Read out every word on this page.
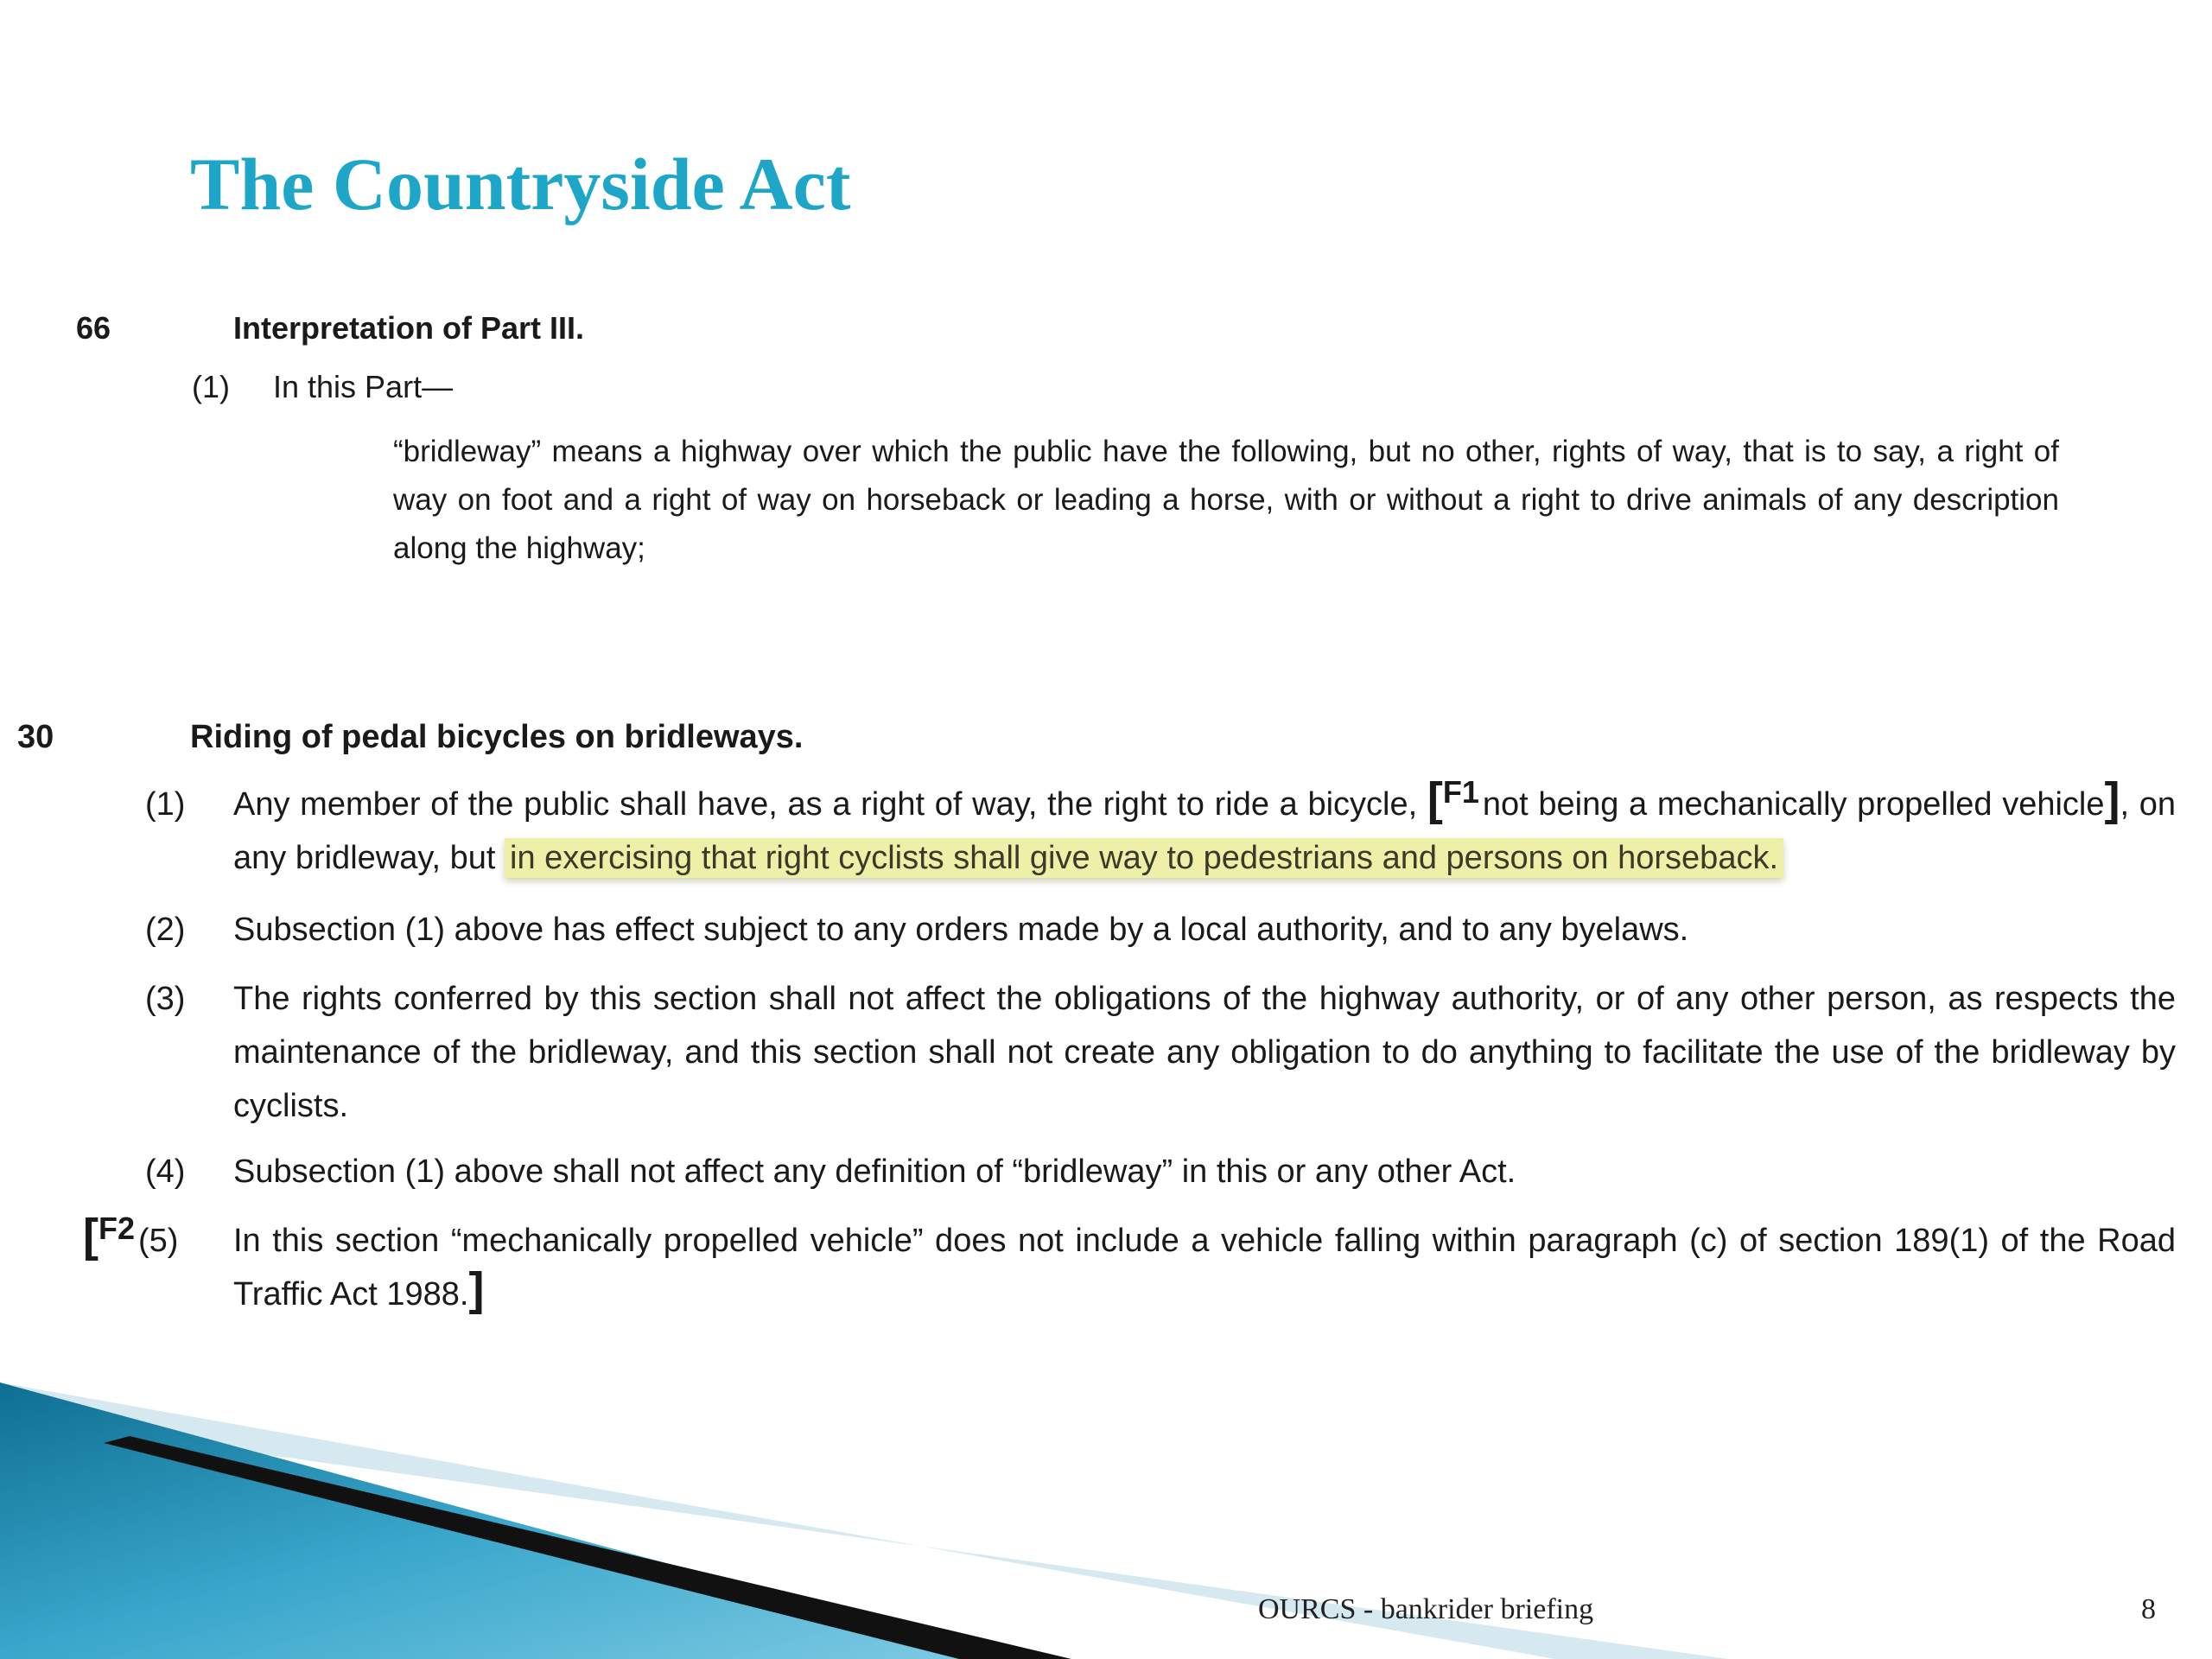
The Countryside Act
66	Interpretation of Part III.
(1) In this Part—

“bridleway” means a highway over which the public have the following, but no other, rights of way, that is to say, a right of way on foot and a right of way on horseback or leading a horse, with or without a right to drive animals of any description along the highway;

30	Riding of pedal bicycles on bridleways.
(1) Any member of the public shall have, as a right of way, the right to ride a bicycle, [F1 not being a mechanically propelled vehicle], on any bridleway, but in exercising that right cyclists shall give way to pedestrians and persons on horseback.

(2) Subsection (1) above has effect subject to any orders made by a local authority, and to any byelaws.

(3) The rights conferred by this section shall not affect the obligations of the highway authority, or of any other person, as respects the maintenance of the bridleway, and this section shall not create any obligation to do anything to facilitate the use of the bridleway by cyclists.

(4) Subsection (1) above shall not affect any definition of “bridleway” in this or any other Act.

[F2 (5) In this section “mechanically propelled vehicle” does not include a vehicle falling within paragraph (c) of section 189(1) of the Road Traffic Act 1988.]

OURCS - bankrider briefing	8
